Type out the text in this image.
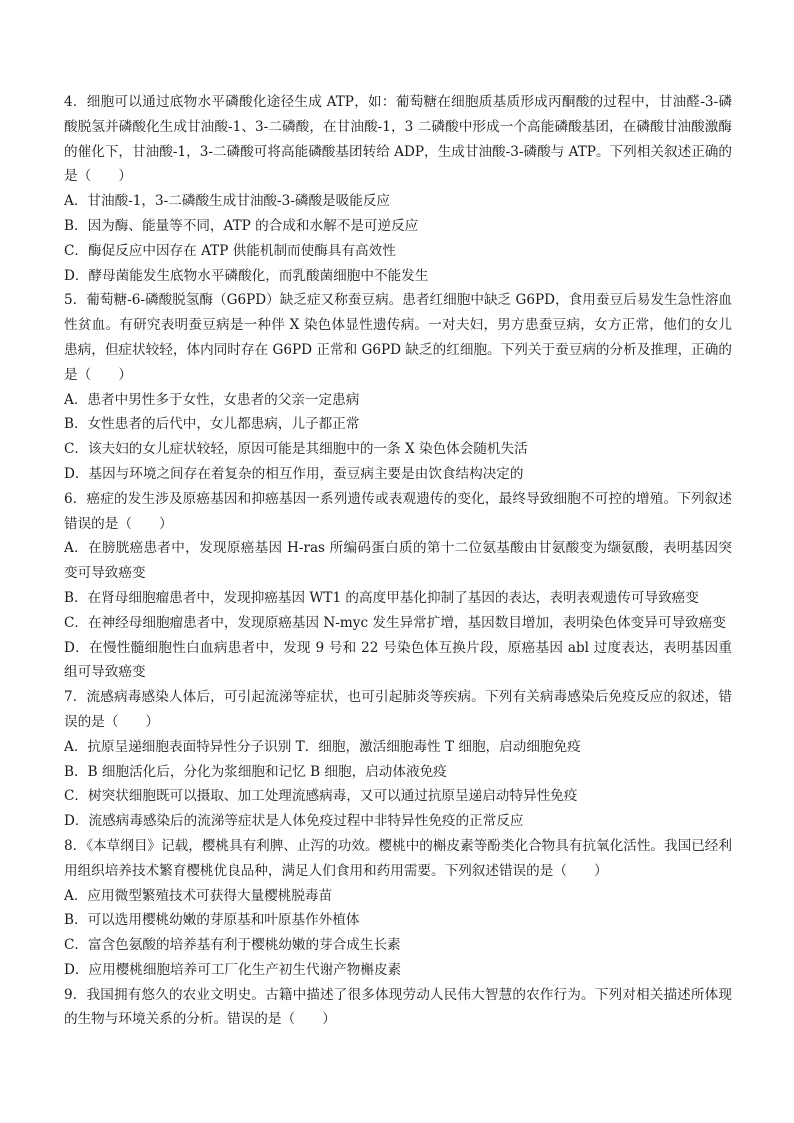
4．细胞可以通过底物水平磷酸化途径生成 ATP，如：葡萄糖在细胞质基质形成丙酮酸的过程中，甘油醛-3-磷酸脱氢并磷酸化生成甘油酸-1、3-二磷酸，在甘油酸-1，3 二磷酸中形成一个高能磷酸基团，在磷酸甘油酸激酶的催化下，甘油酸-1，3-二磷酸可将高能磷酸基团转给 ADP，生成甘油酸-3-磷酸与 ATP。下列相关叙述正确的是（　　）

A．甘油酸-1，3-二磷酸生成甘油酸-3-磷酸是吸能反应

B．因为酶、能量等不同，ATP 的合成和水解不是可逆反应

C．酶促反应中因存在 ATP 供能机制而使酶具有高效性

D．酵母菌能发生底物水平磷酸化，而乳酸菌细胞中不能发生

5．葡萄糖-6-磷酸脱氢酶（G6PD）缺乏症又称蚕豆病。患者红细胞中缺乏 G6PD，食用蚕豆后易发生急性溶血性贫血。有研究表明蚕豆病是一种伴 X 染色体显性遗传病。一对夫妇，男方患蚕豆病，女方正常，他们的女儿患病，但症状较轻，体内同时存在 G6PD 正常和 G6PD 缺乏的红细胞。下列关于蚕豆病的分析及推理，正确的是（　　）

A．患者中男性多于女性，女患者的父亲一定患病

B．女性患者的后代中，女儿都患病，儿子都正常

C．该夫妇的女儿症状较轻，原因可能是其细胞中的一条 X 染色体会随机失活

D．基因与环境之间存在着复杂的相互作用，蚕豆病主要是由饮食结构决定的

6．癌症的发生涉及原癌基因和抑癌基因一系列遗传或表观遗传的变化，最终导致细胞不可控的增殖。下列叙述错误的是（　　）

A．在膀胱癌患者中，发现原癌基因 H-ras 所编码蛋白质的第十二位氨基酸由甘氨酸变为缬氨酸，表明基因突变可导致癌变

B．在肾母细胞瘤患者中，发现抑癌基因 WT1 的高度甲基化抑制了基因的表达，表明表观遗传可导致癌变

C．在神经母细胞瘤患者中，发现原癌基因 N-myc 发生异常扩增，基因数目增加，表明染色体变异可导致癌变

D．在慢性髓细胞性白血病患者中，发现 9 号和 22 号染色体互换片段，原癌基因 abl 过度表达，表明基因重组可导致癌变

7．流感病毒感染人体后，可引起流涕等症状，也可引起肺炎等疾病。下列有关病毒感染后免疫反应的叙述，错误的是（　　）

A．抗原呈递细胞表面特异性分子识别 T．细胞，激活细胞毒性 T 细胞，启动细胞免疫

B．B 细胞活化后，分化为浆细胞和记忆 B 细胞，启动体液免疫

C．树突状细胞既可以摄取、加工处理流感病毒，又可以通过抗原呈递启动特异性免疫

D．流感病毒感染后的流涕等症状是人体免疫过程中非特异性免疫的正常反应

8．《本草纲目》记载，樱桃具有利脾、止泻的功效。樱桃中的槲皮素等酚类化合物具有抗氧化活性。我国已经利用组织培养技术繁育樱桃优良品种，满足人们食用和药用需要。下列叙述错误的是（　　）

A．应用微型繁殖技术可获得大量樱桃脱毒苗

B．可以选用樱桃幼嫩的芽原基和叶原基作外植体

C．富含色氨酸的培养基有利于樱桃幼嫩的芽合成生长素

D．应用樱桃细胞培养可工厂化生产初生代谢产物槲皮素

9．我国拥有悠久的农业文明史。古籍中描述了很多体现劳动人民伟大智慧的农作行为。下列对相关描述所体现的生物与环境关系的分析。错误的是（　　）
